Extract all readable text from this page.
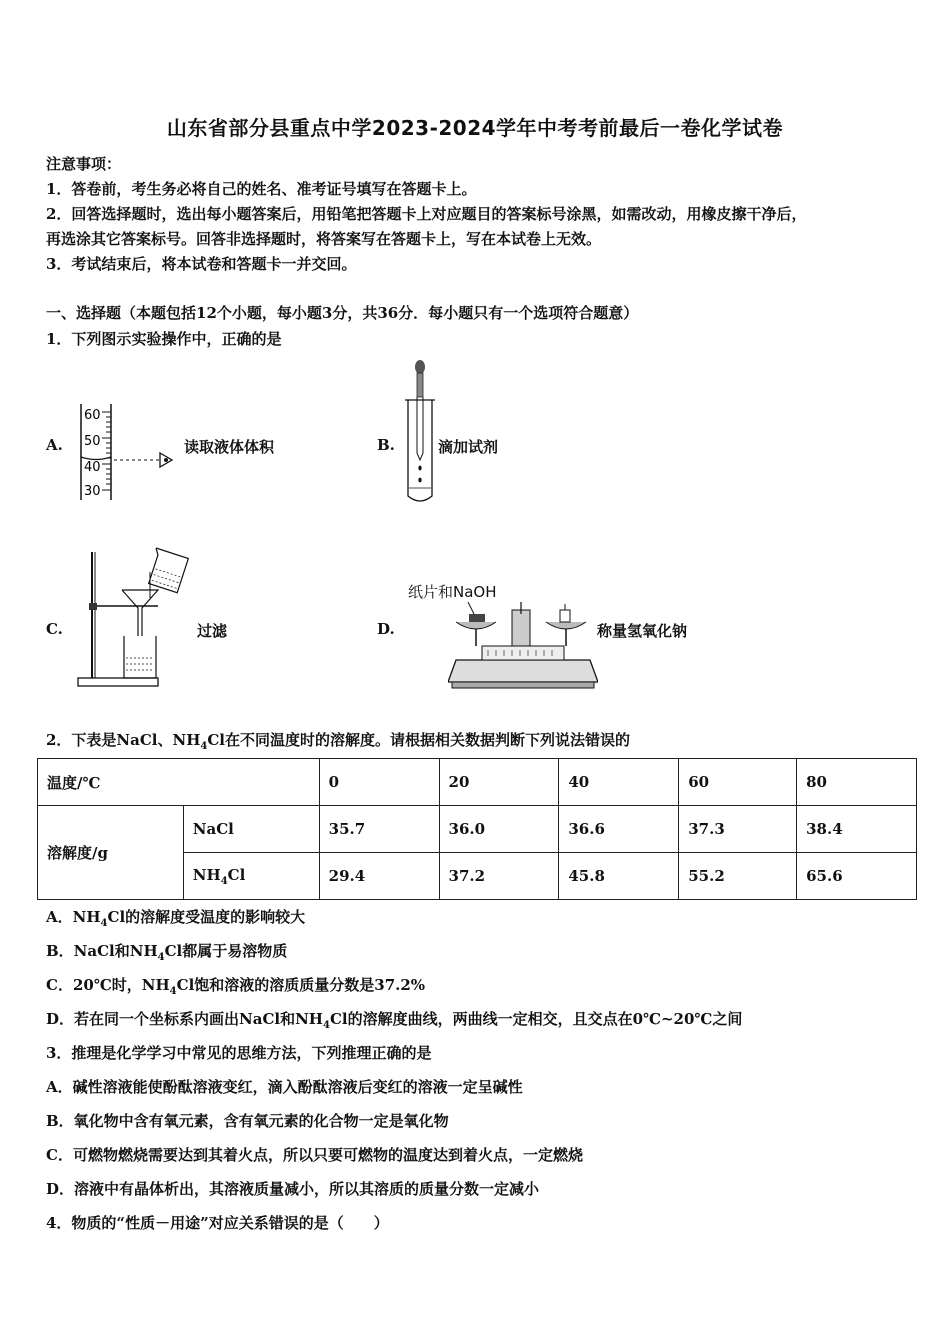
山东省部分县重点中学2023-2024学年中考考前最后一卷化学试卷
注意事项：
1．答卷前，考生务必将自己的姓名、准考证号填写在答题卡上。
2．回答选择题时，选出每小题答案后，用铅笔把答题卡上对应题目的答案标号涂黑，如需改动，用橡皮擦干净后，
再选涂其它答案标号。回答非选择题时，将答案写在答题卡上，写在本试卷上无效。
3．考试结束后，将本试卷和答题卡一并交回。
一、选择题（本题包括12个小题，每小题3分，共36分．每小题只有一个选项符合题意）
1．下列图示实验操作中，正确的是
A.
60
50
40
30
读取液体体积	B.	滴加试剂
C.	过滤	D.
纸片和NaOH
称量氢氧化钠
2．下表是NaCl、$NH_4Cl$在不同温度时的溶解度。请根据相关数据判断下列说法错误的
温度/℃		0	20	40	60	80
溶解度/g	NaCl	35.7	36.0	36.6	37.3	38.4
	$NH_4Cl$	29.4	37.2	45.8	55.2	65.6
A．$NH_4Cl$的溶解度受温度的影响较大
B．NaCl和$NH_4Cl$都属于易溶物质
C．20℃时，$NH_4Cl$饱和溶液的溶质质量分数是37.2%
D．若在同一个坐标系内画出NaCl和$NH_4Cl$的溶解度曲线，两曲线一定相交，且交点在0℃~20℃之间
3．推理是化学学习中常见的思维方法，下列推理正确的是
A．碱性溶液能使酚酞溶液变红，滴入酚酞溶液后变红的溶液一定呈碱性
B．氧化物中含有氧元素，含有氧元素的化合物一定是氧化物
C．可燃物燃烧需要达到其着火点，所以只要可燃物的温度达到着火点，一定燃烧
D．溶液中有晶体析出，其溶液质量减小，所以其溶质的质量分数一定减小
4．物质的“性质－用途”对应关系错误的是（　　）
